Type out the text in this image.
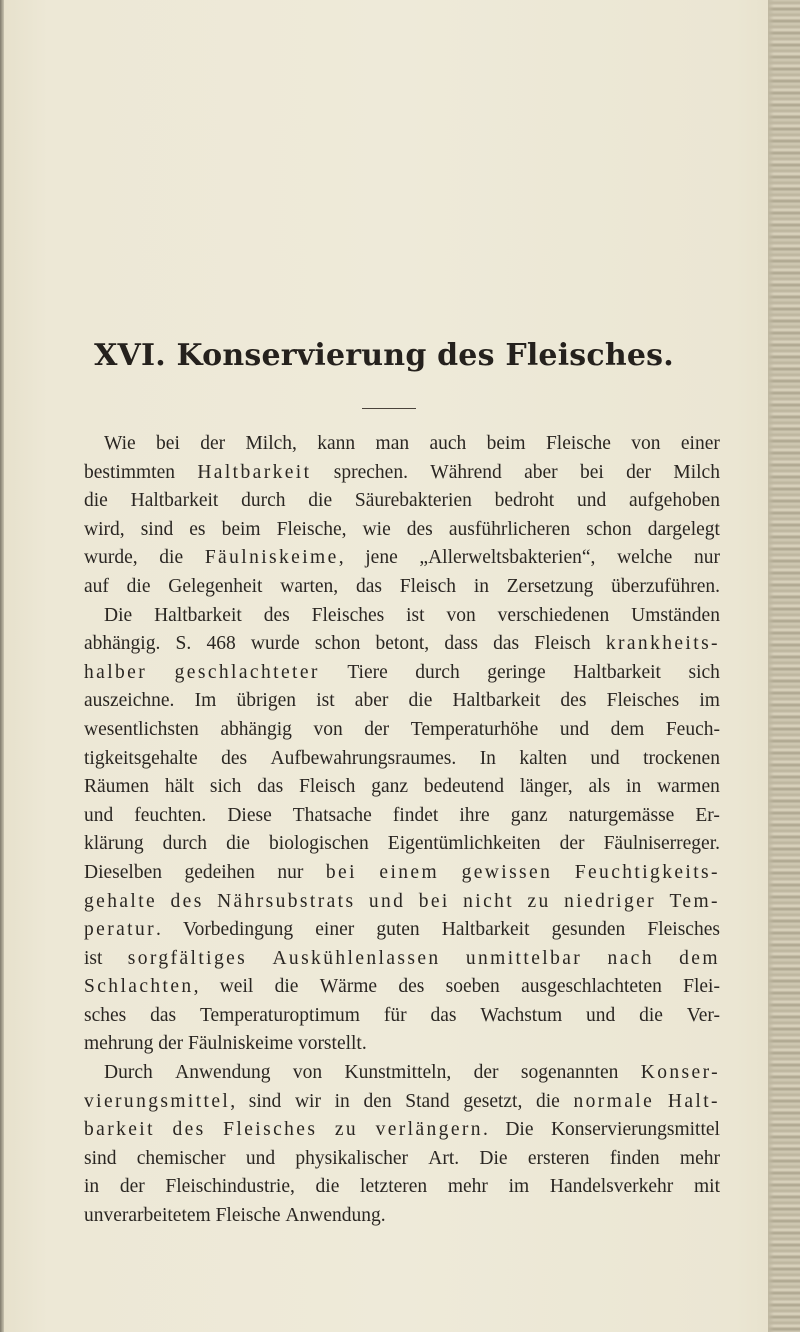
XVI. Konservierung des Fleisches.
Wie bei der Milch, kann man auch beim Fleische von einer
bestimmten Haltbarkeit sprechen. Während aber bei der Milch
die Haltbarkeit durch die Säurebakterien bedroht und aufgehoben
wird, sind es beim Fleische, wie des ausführlicheren schon dargelegt
wurde, die Fäulniskeime, jene „Allerweltsbakterien“, welche nur
auf die Gelegenheit warten, das Fleisch in Zersetzung überzuführen.
Die Haltbarkeit des Fleisches ist von verschiedenen Umständen
abhängig. S. 468 wurde schon betont, dass das Fleisch krankheits-
halber geschlachteter Tiere durch geringe Haltbarkeit sich
auszeichne. Im übrigen ist aber die Haltbarkeit des Fleisches im
wesentlichsten abhängig von der Temperaturhöhe und dem Feuch-
tigkeitsgehalte des Aufbewahrungsraumes. In kalten und trockenen
Räumen hält sich das Fleisch ganz bedeutend länger, als in warmen
und feuchten. Diese Thatsache findet ihre ganz naturgemässe Er-
klärung durch die biologischen Eigentümlichkeiten der Fäulniserreger.
Dieselben gedeihen nur bei einem gewissen Feuchtigkeits-
gehalte des Nährsubstrats und bei nicht zu niedriger Tem-
peratur. Vorbedingung einer guten Haltbarkeit gesunden Fleisches
ist sorgfältiges Auskühlenlassen unmittelbar nach dem
Schlachten, weil die Wärme des soeben ausgeschlachteten Flei-
sches das Temperaturoptimum für das Wachstum und die Ver-
mehrung
der
Fäulniskeime
vorstellt.
Durch Anwendung von Kunstmitteln, der sogenannten Konser-
vierungsmittel, sind wir in den Stand gesetzt, die normale Halt-
barkeit des Fleisches zu verlängern. Die Konservierungsmittel
sind chemischer und physikalischer Art. Die ersteren finden mehr
in der Fleischindustrie, die letzteren mehr im Handelsverkehr mit
unverarbeitetem
Fleische
Anwendung.
